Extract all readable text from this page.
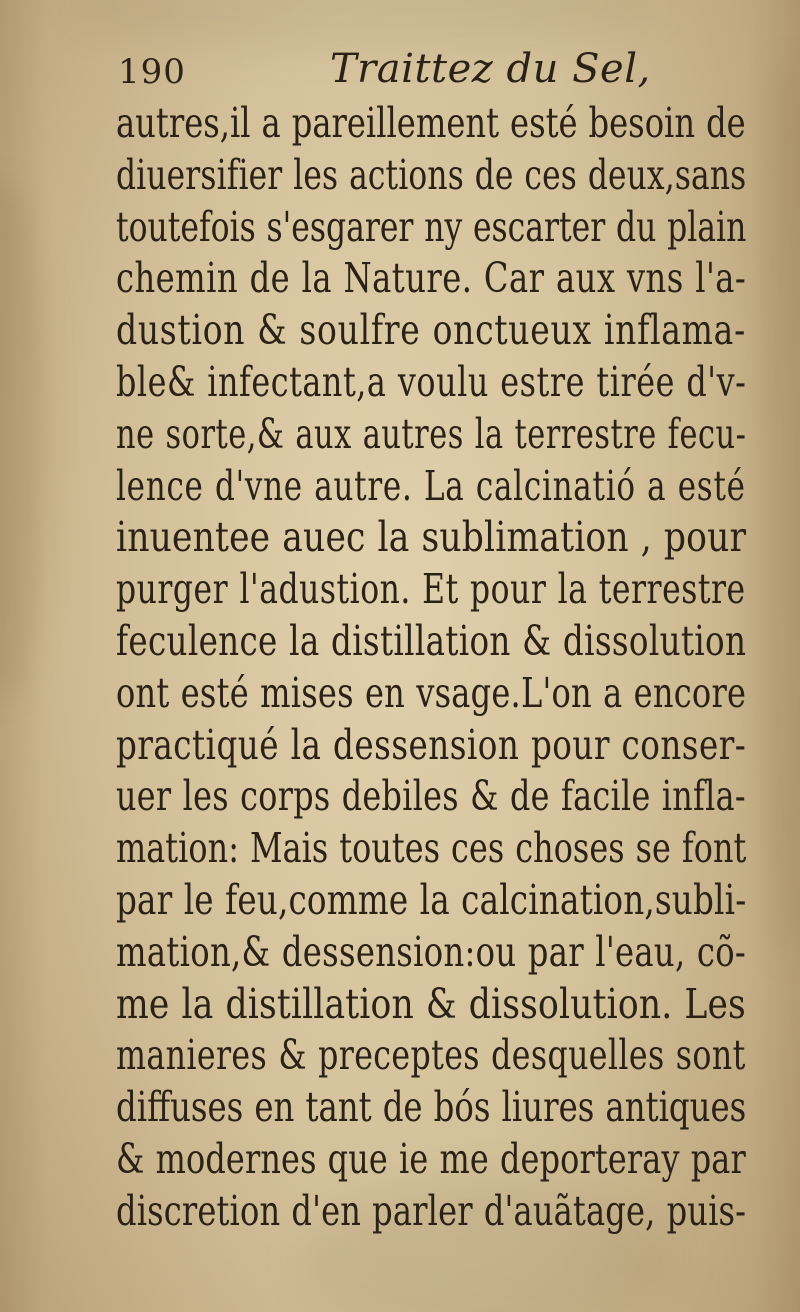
190	Traittez du Sel,
autres,il a pareillement esté besoin de
diuersifier les actions de ces deux,sans
toutefois s'esgarer ny escarter du plain
chemin de la Nature. Car aux vns l'a-
dustion & soulfre onctueux inflama-
ble& infectant,a voulu estre tirée d'v-
ne sorte,& aux autres la terrestre fecu-
lence d'vne autre. La calcinatió a esté
inuentee auec la sublimation , pour
purger l'adustion. Et pour la terrestre
feculence la distillation & dissolution
ont esté mises en vsage.L'on a encore
practiqué la dessension pour conser-
uer les corps debiles & de facile infla-
mation: Mais toutes ces choses se font
par le feu,comme la calcination,subli-
mation,& dessension:ou par l'eau, cõ-
me la distillation & dissolution. Les
manieres & preceptes desquelles sont
diffuses en tant de bós liures antiques
& modernes que ie me deporteray par
discretion d'en parler d'auãtage, puis-
